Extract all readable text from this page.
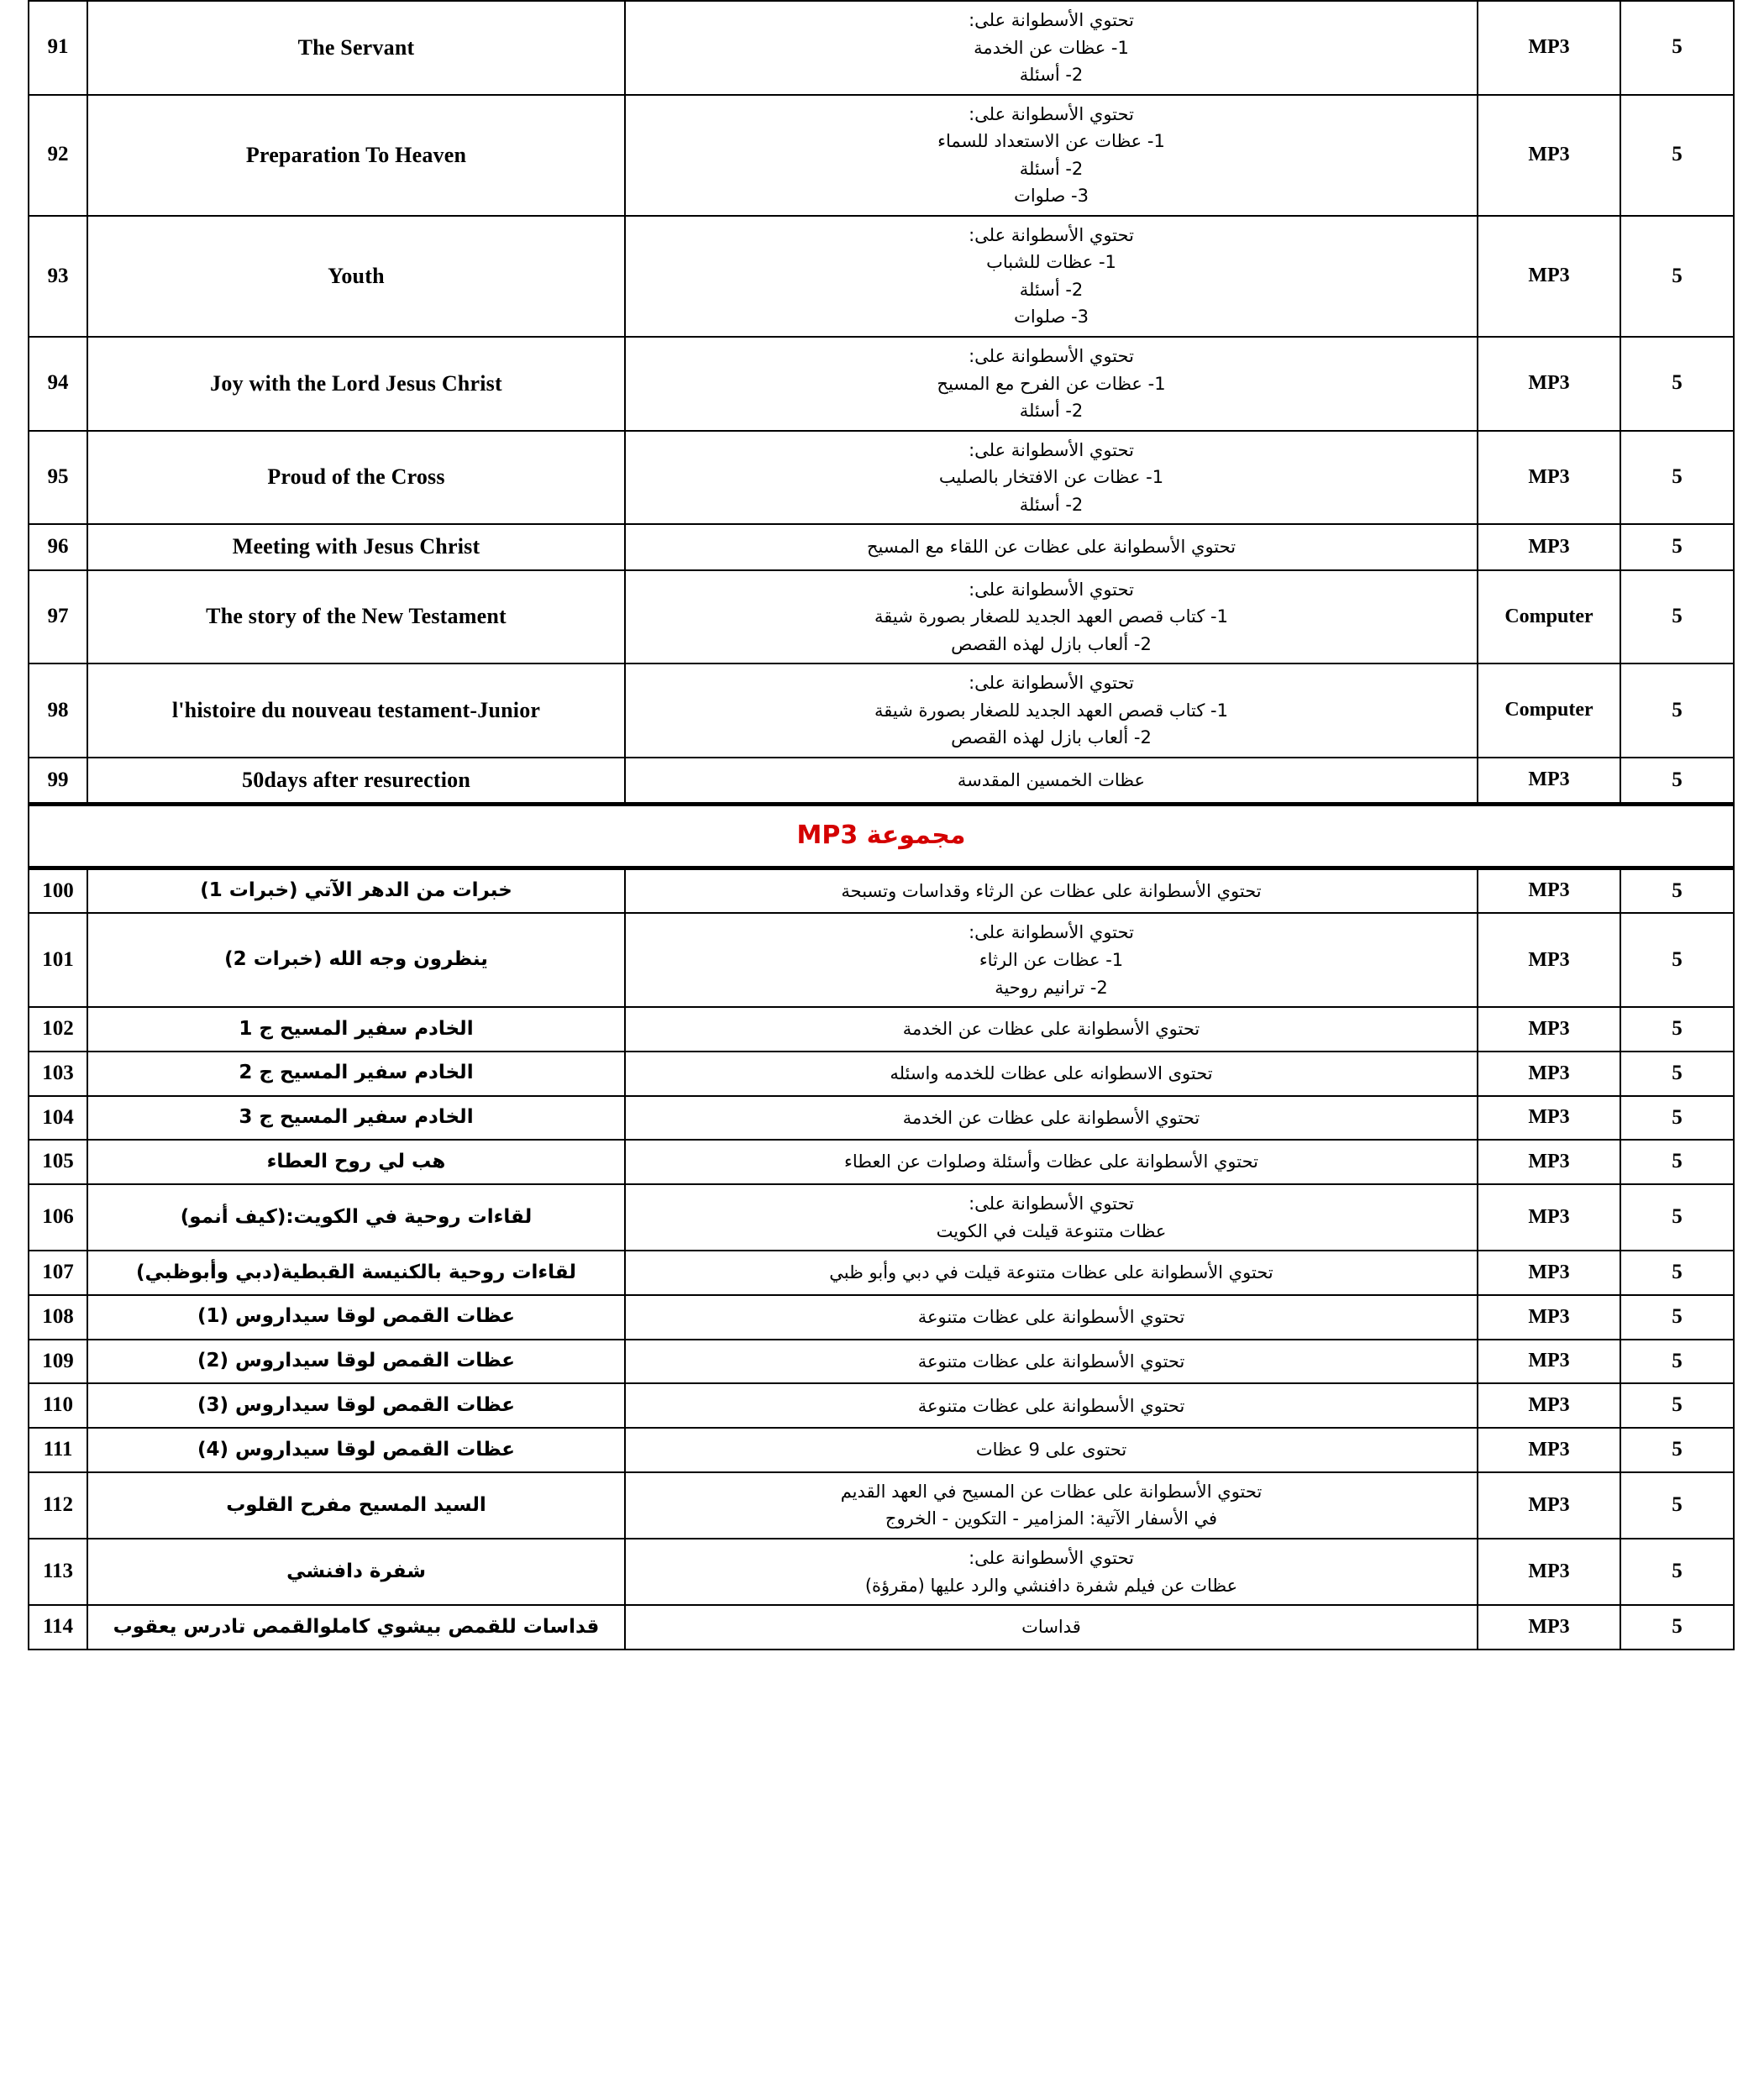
5	MP3	تحتوي الأسطوانة على:
1- عظات عن الخدمة
2- أسئلة	The Servant	91
5	MP3	تحتوي الأسطوانة على:
1- عظات عن الاستعداد للسماء
2- أسئلة
3- صلوات	Preparation To Heaven	92
5	MP3	تحتوي الأسطوانة على:
1- عظات للشباب
2- أسئلة
3- صلوات	Youth	93
5	MP3	تحتوي الأسطوانة على:
1- عظات عن الفرح مع المسيح
2- أسئلة	Joy with the Lord Jesus Christ	94
5	MP3	تحتوي الأسطوانة على:
1- عظات عن الافتخار بالصليب
2- أسئلة	Proud of the Cross	95
5	MP3	تحتوي الأسطوانة على عظات عن اللقاء مع المسيح	Meeting with Jesus Christ	96
5	Computer	تحتوي الأسطوانة على:
1- كتاب قصص العهد الجديد للصغار بصورة شيقة
2- ألعاب بازل لهذه القصص	The story of the New Testament	97
5	Computer	تحتوي الأسطوانة على:
1- كتاب قصص العهد الجديد للصغار بصورة شيقة
2- ألعاب بازل لهذه القصص	l'histoire du nouveau testament-Junior	98
5	MP3	عظات الخمسين المقدسة	50days after resurection	99
مجموعة MP3				
5	MP3	تحتوي الأسطوانة على عظات عن الرثاء وقداسات وتسبحة	خبرات من الدهر الآتي (خبرات 1)	100
5	MP3	تحتوي الأسطوانة على:
1- عظات عن الرثاء
2- ترانيم روحية	ينظرون وجه الله (خبرات 2)	101
5	MP3	تحتوي الأسطوانة على عظات عن الخدمة	الخادم سفير المسيح ج 1	102
5	MP3	تحتوى الاسطوانه على عظات للخدمه واسئله	الخادم سفير المسيح ج 2	103
5	MP3	تحتوي الأسطوانة على عظات عن الخدمة	الخادم سفير المسيح ج 3	104
5	MP3	تحتوي الأسطوانة على عظات وأسئلة وصلوات عن العطاء	هب لي روح العطاء	105
5	MP3	تحتوي الأسطوانة على:
عظات متنوعة قيلت في الكويت	لقاءات روحية في الكويت:(كيف أنمو)	106
5	MP3	تحتوي الأسطوانة على عظات متنوعة قيلت في دبي وأبو ظبي	لقاءات روحية بالكنيسة القبطية(دبي وأبوظبي)	107
5	MP3	تحتوي الأسطوانة على عظات متنوعة	عظات القمص لوقا سيداروس (1)	108
5	MP3	تحتوي الأسطوانة على عظات متنوعة	عظات القمص لوقا سيداروس (2)	109
5	MP3	تحتوي الأسطوانة على عظات متنوعة	عظات القمص لوقا سيداروس (3)	110
5	MP3	تحتوى على 9 عظات	عظات القمص لوقا سيداروس (4)	111
5	MP3	تحتوي الأسطوانة على عظات عن المسيح في العهد القديم
في الأسفار الآتية: المزامير - التكوين - الخروج	السيد المسيح مفرح القلوب	112
5	MP3	تحتوي الأسطوانة على:
عظات عن فيلم شفرة دافنشي والرد عليها (مقرؤة)	شفرة دافنشي	113
5	MP3	قداسات	قداسات للقمص بيشوي كاملوالقمص تادرس يعقوب	114
